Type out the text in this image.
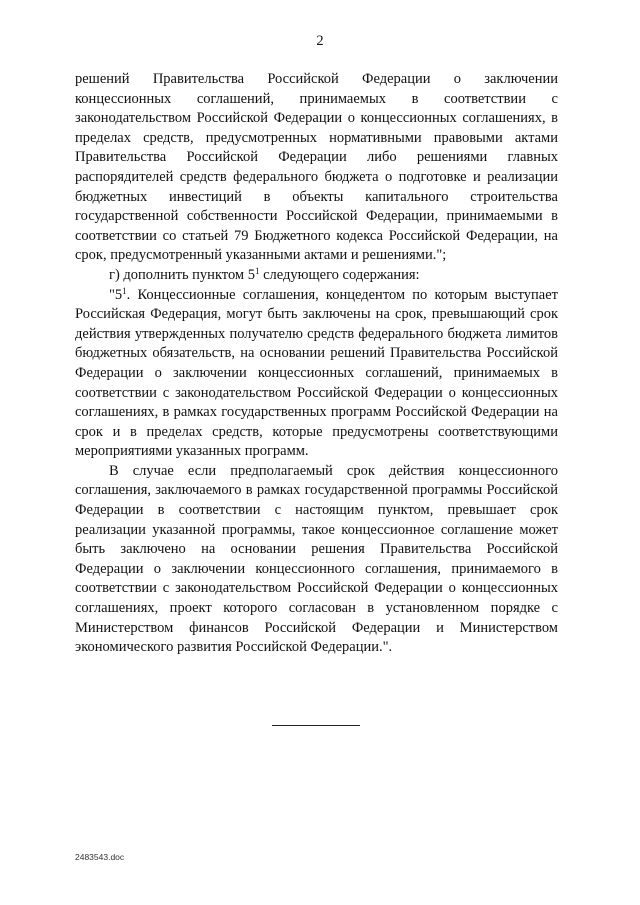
2

решений Правительства Российской Федерации о заключении концессионных соглашений, принимаемых в соответствии с законодательством Российской Федерации о концессионных соглашениях, в пределах средств, предусмотренных нормативными правовыми актами Правительства Российской Федерации либо решениями главных распорядителей средств федерального бюджета о подготовке и реализации бюджетных инвестиций в объекты капитального строительства государственной собственности Российской Федерации, принимаемыми в соответствии со статьей 79 Бюджетного кодекса Российской Федерации, на срок, предусмотренный указанными актами и решениями.";

г) дополнить пунктом $5^1$ следующего содержания:

"$5^1$. Концессионные соглашения, концедентом по которым выступает Российская Федерация, могут быть заключены на срок, превышающий срок действия утвержденных получателю средств федерального бюджета лимитов бюджетных обязательств, на основании решений Правительства Российской Федерации о заключении концессионных соглашений, принимаемых в соответствии с законодательством Российской Федерации о концессионных соглашениях, в рамках государственных программ Российской Федерации на срок и в пределах средств, которые предусмотрены соответствующими мероприятиями указанных программ.

В случае если предполагаемый срок действия концессионного соглашения, заключаемого в рамках государственной программы Российской Федерации в соответствии с настоящим пунктом, превышает срок реализации указанной программы, такое концессионное соглашение может быть заключено на основании решения Правительства Российской Федерации о заключении концессионного соглашения, принимаемого в соответствии с законодательством Российской Федерации о концессионных соглашениях, проект которого согласован в установленном порядке с Министерством финансов Российской Федерации и Министерством экономического развития Российской Федерации.".

2483543.doc
